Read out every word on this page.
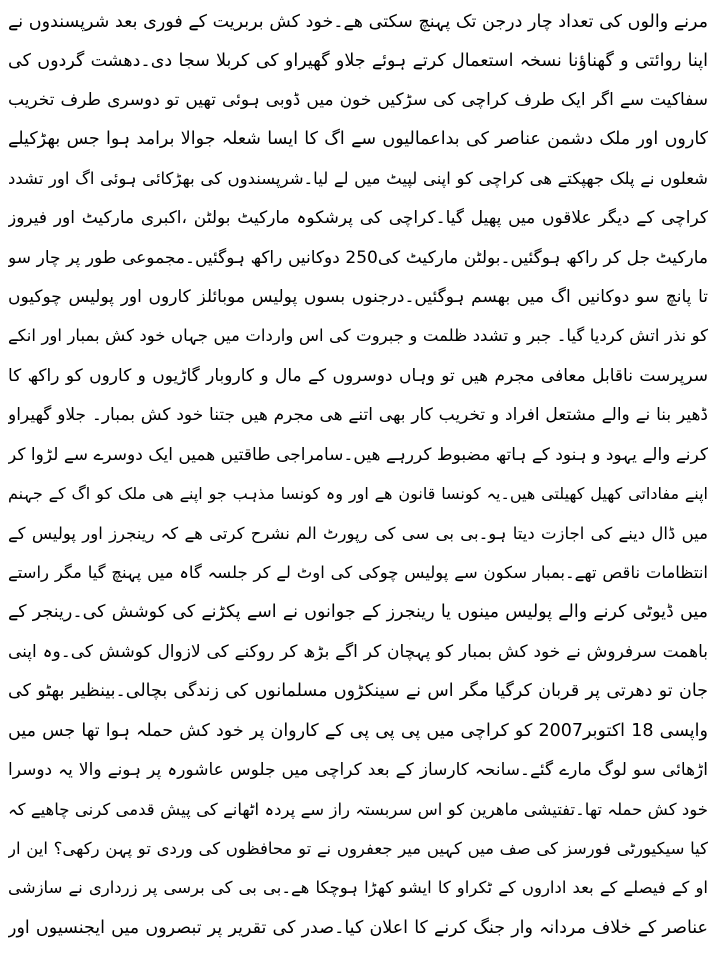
مرنے والوں کی تعداد چار درجن تک پہنچ سکتی ھے۔خود کش بربریت کے فوری بعد شرپسندوں نے
اپنا روائتی و گھناؤنا نسخہ استعمال کرتے ہوئے جلاو گھیراو کی کربلا سجا دی۔دھشت گردوں کی
سفاکیت سے اگر ایک طرف کراچی کی سڑکیں خون میں ڈوبی ہوئی تھیں تو دوسری طرف تخریب
کاروں اور ملک دشمن عناصر کی بداعمالیوں سے اگ کا ایسا شعلہ جوالا برامد ہوا جس بھڑکیلے
شعلوں نے پلک جھپکتے ھی کراچی کو اپنی لپیٹ میں لے لیا۔شرپسندوں کی بھڑکائی ہوئی اگ اور تشدد
کراچی کے دیگر علاقوں میں پھیل گیا۔کراچی کی پرشکوہ مارکیٹ بولٹن ،اکبری مارکیٹ اور فیروز
مارکیٹ جل کر راکھ ہوگئیں۔بولٹن مارکیٹ کی250 دوکانیں راکھ ہوگئیں۔مجموعی طور پر چار سو
تا پانچ سو دوکانیں اگ میں بھسم ہوگئیں۔درجنوں بسوں پولیس موبائلز کاروں اور پولیس چوکیوں
کو نذر اتش کردیا گیا۔ جبر و تشدد ظلمت و جبروت کی اس واردات میں جہاں خود کش بمبار اور انکے
سرپرست ناقابل معافی مجرم ھیں تو وہاں دوسروں کے مال و کاروبار گاڑیوں و کاروں کو راکھ کا
ڈھیر بنا نے والے مشتعل افراد و تخریب کار بھی اتنے ھی مجرم ھیں جتنا خود کش بمبار۔ جلاو گھیراو
کرنے والے یہود و ہنود کے ہاتھ مضبوط کررہے ھیں۔سامراجی طاقتیں ھمیں ایک دوسرے سے لڑوا کر
اپنے مفاداتی کھیل کھیلتی ھیں۔یہ کونسا قانون ھے اور وہ کونسا مذہب جو اپنے ھی ملک کو اگ کے جہنم
میں ڈال دینے کی اجازت دیتا ہو۔بی بی سی کی رپورٹ الم نشرح کرتی ھے کہ رینجرز اور پولیس کے
انتظامات ناقص تھے۔بمبار سکون سے پولیس چوکی کی اوٹ لے کر جلسہ گاہ میں پہنچ گیا مگر راستے
میں ڈیوٹی کرنے والے پولیس مینوں یا رینجرز کے جوانوں نے اسے پکڑنے کی کوشش کی۔رینجر کے
باھمت سرفروش نے خود کش بمبار کو پہچان کر اگے بڑھ کر روکنے کی لازوال کوشش کی۔وہ اپنی
جان تو دھرتی پر قربان کرگیا مگر اس نے سینکڑوں مسلمانوں کی زندگی بچالی۔بینظیر بھٹو کی
واپسی 18 اکتوبر2007 کو کراچی میں پی پی پی کے کاروان پر خود کش حملہ ہوا تھا جس میں
اڑھائی سو لوگ مارے گئے۔سانحہ کارساز کے بعد کراچی میں جلوس عاشورہ پر ہونے والا یہ دوسرا
خود کش حملہ تھا۔تفتیشی ماھرین کو اس سربستہ راز سے پردہ اٹھانے کی پیش قدمی کرنی چاھیے کہ
کیا سیکیورٹی فورسز کی صف میں کہیں میر جعفروں نے تو محافظوں کی وردی تو پہن رکھی؟ این ار
او کے فیصلے کے بعد اداروں کے ٹکراو کا ایشو کھڑا ہوچکا ھے۔بی بی کی برسی پر زرداری نے سازشی
عناصر کے خلاف مردانہ وار جنگ کرنے کا اعلان کیا۔صدر کی تقریر پر تبصروں میں ایجنسیوں اور
